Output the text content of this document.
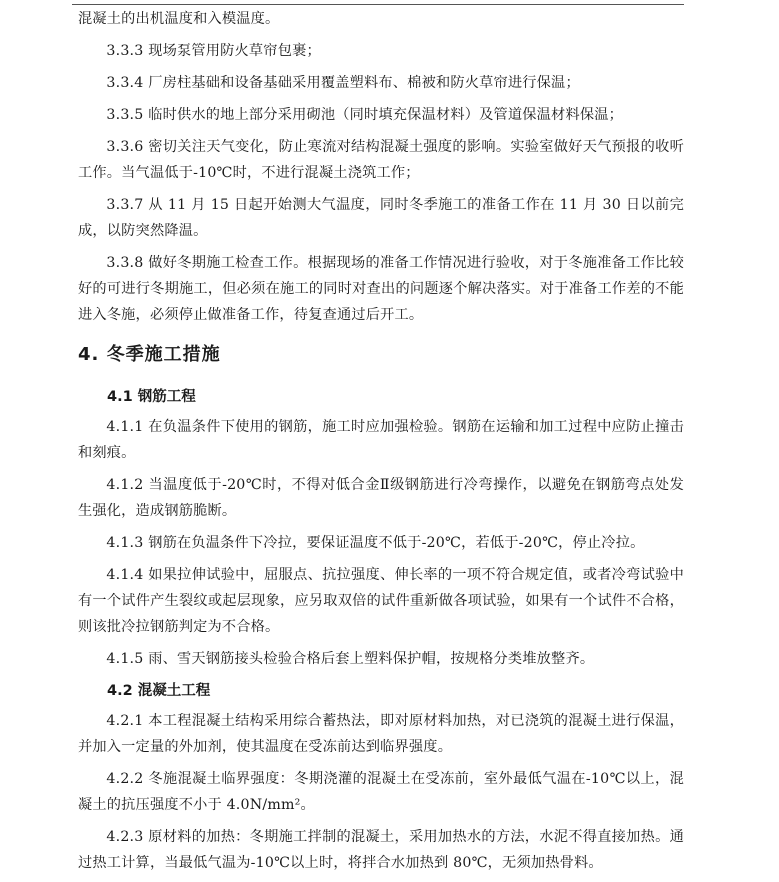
混凝土的出机温度和入模温度。

3.3.3 现场泵管用防火草帘包裹；

3.3.4 厂房柱基础和设备基础采用覆盖塑料布、棉被和防火草帘进行保温；

3.3.5 临时供水的地上部分采用砌池（同时填充保温材料）及管道保温材料保温；

3.3.6 密切关注天气变化，防止寒流对结构混凝土强度的影响。实验室做好天气预报的收听工作。当气温低于-10℃时，不进行混凝土浇筑工作；

3.3.7 从 11 月 15 日起开始测大气温度，同时冬季施工的准备工作在 11 月 30 日以前完成，以防突然降温。

3.3.8 做好冬期施工检查工作。根据现场的准备工作情况进行验收，对于冬施准备工作比较好的可进行冬期施工，但必须在施工的同时对查出的问题逐个解决落实。对于准备工作差的不能进入冬施，必须停止做准备工作，待复查通过后开工。

4. 冬季施工措施
4.1 钢筋工程

4.1.1 在负温条件下使用的钢筋，施工时应加强检验。钢筋在运输和加工过程中应防止撞击和刻痕。

4.1.2 当温度低于-20℃时，不得对低合金Ⅱ级钢筋进行冷弯操作，以避免在钢筋弯点处发生强化，造成钢筋脆断。

4.1.3 钢筋在负温条件下冷拉，要保证温度不低于-20℃，若低于-20℃，停止冷拉。

4.1.4 如果拉伸试验中，屈服点、抗拉强度、伸长率的一项不符合规定值，或者冷弯试验中有一个试件产生裂纹或起层现象，应另取双倍的试件重新做各项试验，如果有一个试件不合格，则该批冷拉钢筋判定为不合格。

4.1.5 雨、雪天钢筋接头检验合格后套上塑料保护帽，按规格分类堆放整齐。

4.2 混凝土工程

4.2.1 本工程混凝土结构采用综合蓄热法，即对原材料加热，对已浇筑的混凝土进行保温，并加入一定量的外加剂，使其温度在受冻前达到临界强度。

4.2.2 冬施混凝土临界强度：冬期浇灌的混凝土在受冻前，室外最低气温在-10℃以上，混凝土的抗压强度不小于 4.0N/mm²。

4.2.3 原材料的加热：冬期施工拌制的混凝土，采用加热水的方法，水泥不得直接加热。通过热工计算，当最低气温为-10℃以上时，将拌合水加热到 80℃，无须加热骨料。
